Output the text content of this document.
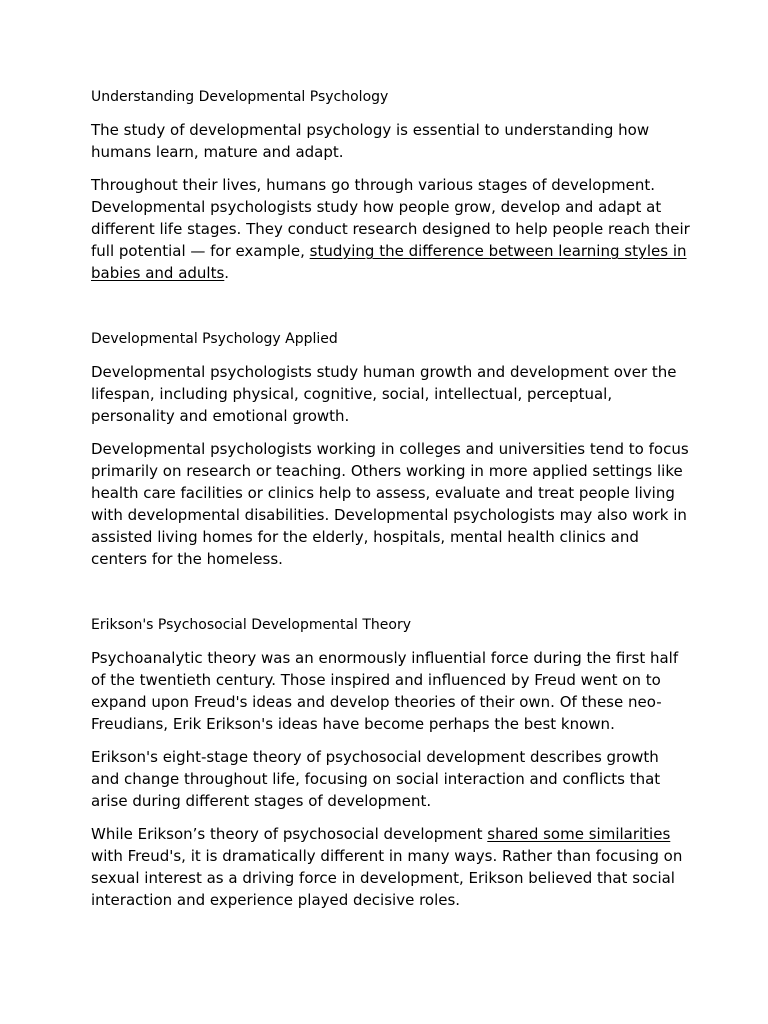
Understanding Developmental Psychology

The study of developmental psychology is essential to understanding how humans learn, mature and adapt.

Throughout their lives, humans go through various stages of development. Developmental psychologists study how people grow, develop and adapt at different life stages. They conduct research designed to help people reach their full potential — for example, studying the difference between learning styles in babies and adults.

Developmental Psychology Applied

Developmental psychologists study human growth and development over the lifespan, including physical, cognitive, social, intellectual, perceptual, personality and emotional growth.

Developmental psychologists working in colleges and universities tend to focus primarily on research or teaching. Others working in more applied settings like health care facilities or clinics help to assess, evaluate and treat people living with developmental disabilities. Developmental psychologists may also work in assisted living homes for the elderly, hospitals, mental health clinics and centers for the homeless.

Erikson's Psychosocial Developmental Theory

Psychoanalytic theory was an enormously influential force during the first half of the twentieth century. Those inspired and influenced by Freud went on to expand upon Freud's ideas and develop theories of their own. Of these neo-Freudians, Erik Erikson's ideas have become perhaps the best known.

Erikson's eight-stage theory of psychosocial development describes growth and change throughout life, focusing on social interaction and conflicts that arise during different stages of development.

While Erikson’s theory of psychosocial development shared some similarities with Freud's, it is dramatically different in many ways. Rather than focusing on sexual interest as a driving force in development, Erikson believed that social interaction and experience played decisive roles.
